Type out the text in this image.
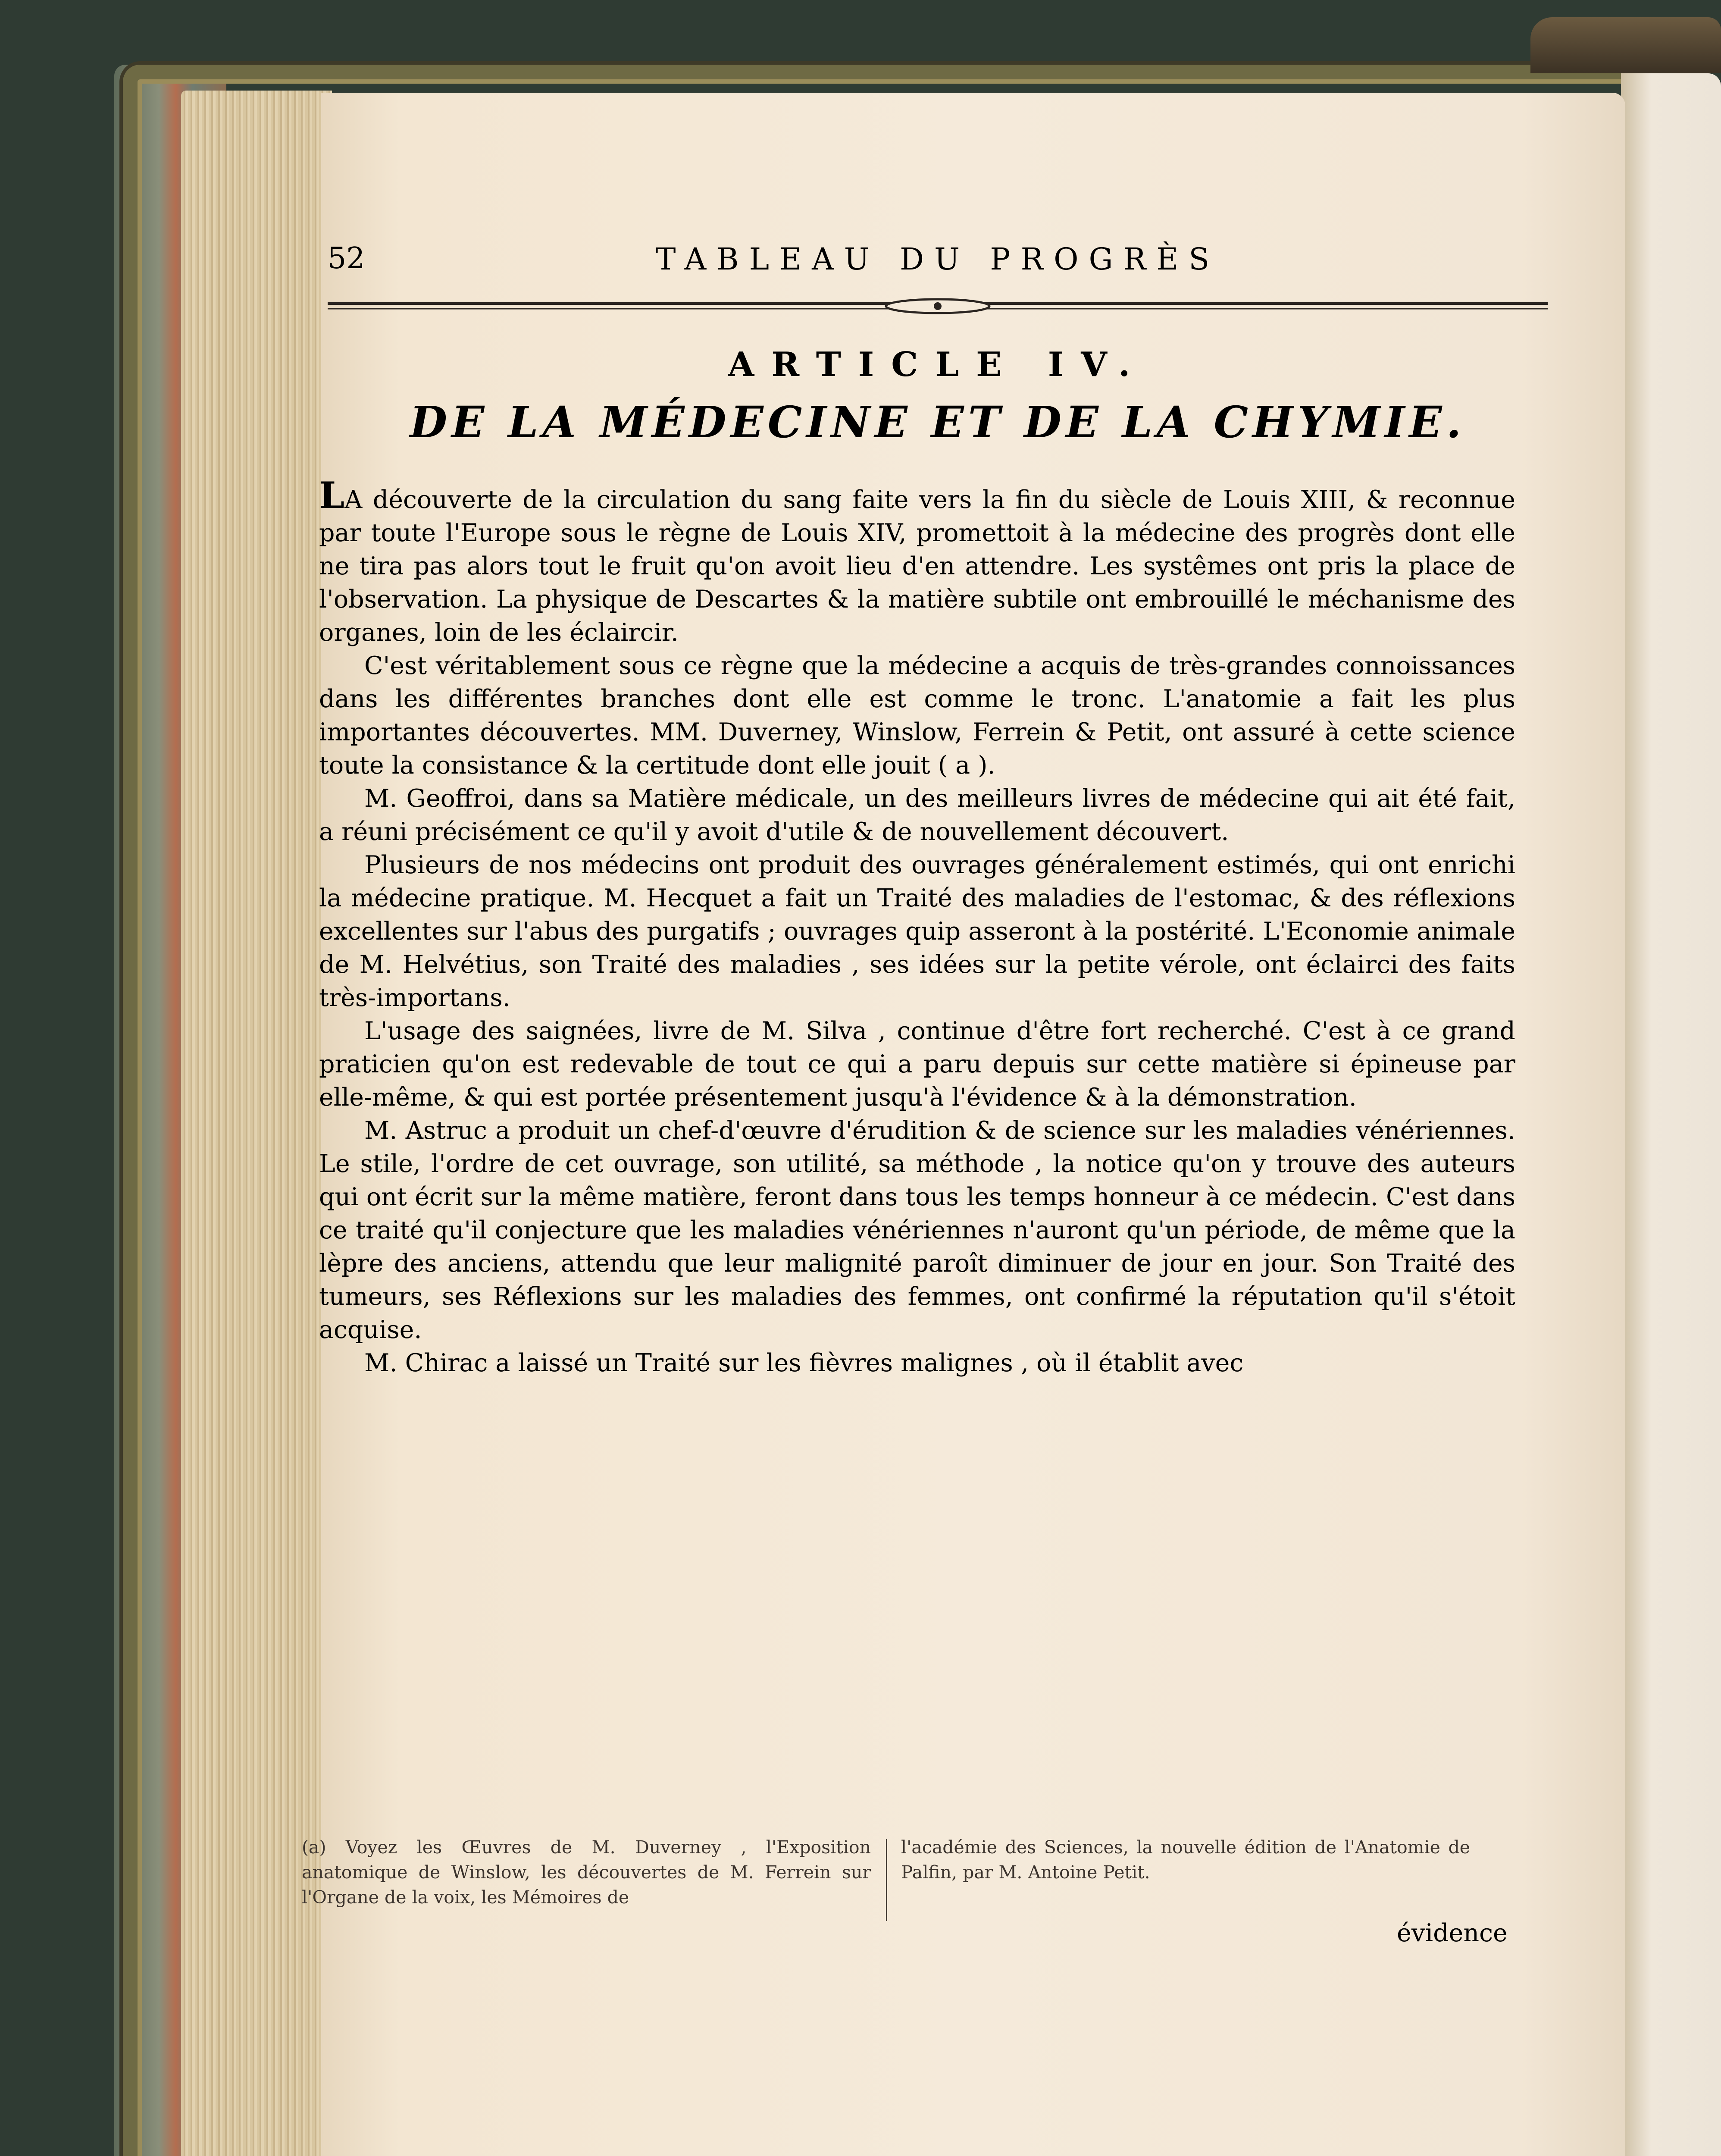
52	TABLEAU DU PROGRÈS
ARTICLE IV.
DE LA MÉDECINE ET DE LA CHYMIE.

LA découverte de la circulation du sang faite vers la fin du siècle de Louis XIII, & reconnue par toute l'Europe sous le règne de Louis XIV, promettoit à la médecine des progrès dont elle ne tira pas alors tout le fruit qu'on avoit lieu d'en attendre. Les systêmes ont pris la place de l'observation. La physique de Descartes & la matière subtile ont embrouillé le méchanisme des organes, loin de les éclaircir.

C'est véritablement sous ce règne que la médecine a acquis de très-grandes connoissances dans les différentes branches dont elle est comme le tronc. L'anatomie a fait les plus importantes découvertes. MM. Duverney, Winslow, Ferrein & Petit, ont assuré à cette science toute la consistance & la certitude dont elle jouit ( a ).

M. Geoffroi, dans sa Matière médicale, un des meilleurs livres de médecine qui ait été fait, a réuni précisément ce qu'il y avoit d'utile & de nouvellement découvert.

Plusieurs de nos médecins ont produit des ouvrages généralement estimés, qui ont enrichi la médecine pratique. M. Hecquet a fait un Traité des maladies de l'estomac, & des réflexions excellentes sur l'abus des purgatifs ; ouvrages quip asseront à la postérité. L'Economie animale de M. Helvétius, son Traité des maladies , ses idées sur la petite vérole, ont éclairci des faits très-importans.

L'usage des saignées, livre de M. Silva , continue d'être fort recherché. C'est à ce grand praticien qu'on est redevable de tout ce qui a paru depuis sur cette matière si épineuse par elle-même, & qui est portée présentement jusqu'à l'évidence & à la démonstration.

M. Astruc a produit un chef-d'œuvre d'érudition & de science sur les maladies vénériennes. Le stile, l'ordre de cet ouvrage, son utilité, sa méthode , la notice qu'on y trouve des auteurs qui ont écrit sur la même matière, feront dans tous les temps honneur à ce médecin. C'est dans ce traité qu'il conjecture que les maladies vénériennes n'auront qu'un période, de même que la lèpre des anciens, attendu que leur malignité paroît diminuer de jour en jour. Son Traité des tumeurs, ses Réflexions sur les maladies des femmes, ont confirmé la réputation qu'il s'étoit acquise.

M. Chirac a laissé un Traité sur les fièvres malignes , où il établit avec

(a) Voyez les Œuvres de M. Duverney , l'Exposition anatomique de Winslow, les découvertes de M. Ferrein sur l'Organe de la voix, les Mémoires de
l'académie des Sciences, la nouvelle édition de l'Anatomie de Palfin, par M. Antoine Petit.
évidence
